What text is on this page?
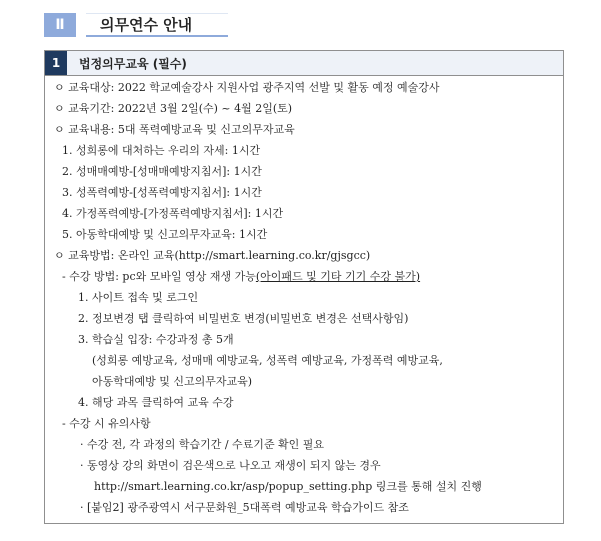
Ⅱ	의무연수 안내
1	법정의무교육 (필수)
ㅇ 교육대상: 2022 학교예술강사 지원사업 광주지역 선발 및 활동 예정 예술강사
ㅇ 교육기간: 2022년 3월 2일(수) ~ 4월 2일(토)
ㅇ 교육내용: 5대 폭력예방교육 및 신고의무자교육
1. 성희롱에 대처하는 우리의 자세: 1시간
2. 성매매예방-[성매매예방지침서]: 1시간
3. 성폭력예방-[성폭력예방지침서]: 1시간
4. 가정폭력예방-[가정폭력예방지침서]: 1시간
5. 아동학대예방 및 신고의무자교육: 1시간
ㅇ 교육방법: 온라인 교육(http://smart.learning.co.kr/gjsgcc)
- 수강 방법: pc와 모바일 영상 재생 가능(아이패드 및 기타 기기 수강 불가)
1. 사이트 접속 및 로그인
2. 정보변경 탭 클릭하여 비밀번호 변경(비밀번호 변경은 선택사항임)
3. 학습실 입장: 수강과정 총 5개
(성희롱 예방교육, 성매매 예방교육, 성폭력 예방교육, 가정폭력 예방교육,
아동학대예방 및 신고의무자교육)
4. 해당 과목 클릭하여 교육 수강
- 수강 시 유의사항
· 수강 전, 각 과정의 학습기간 / 수료기준 확인 필요
· 동영상 강의 화면이 검은색으로 나오고 재생이 되지 않는 경우
http://smart.learning.co.kr/asp/popup_setting.php 링크를 통해 설치 진행
· [붙임2] 광주광역시 서구문화원_5대폭력 예방교육 학습가이드 참조
